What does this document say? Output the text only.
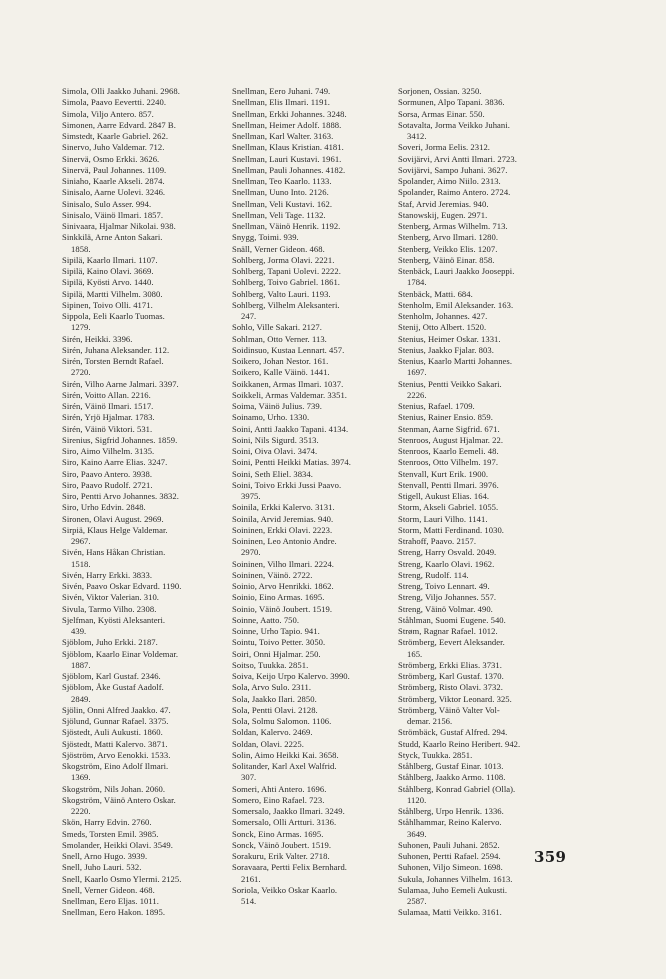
Simola, Olli Jaakko Juhani. 2968.
Simola, Paavo Eevertti. 2240.
Simola, Viljo Antero. 857.
Simonen, Aarre Edvard. 2847 B.
Simstedt, Kaarle Gabriel. 262.
Sinervo, Juho Valdemar. 712.
Sinervä, Osmo Erkki. 3626.
Sinervä, Paul Johannes. 1109.
Siniaho, Kaarle Akseli. 2874.
Sinisalo, Aarne Uolevi. 3246.
Sinisalo, Sulo Asser. 994.
Sinisalo, Väinö Ilmari. 1857.
Sinivaara, Hjalmar Nikolai. 938.
Sinkkilä, Arne Anton Sakari.
1858.
Sipilä, Kaarlo Ilmari. 1107.
Sipilä, Kaino Olavi. 3669.
Sipilä, Kyösti Arvo. 1440.
Sipilä, Martti Vilhelm. 3080.
Sipinen, Toivo Olli. 4171.
Sippola, Eeli Kaarlo Tuomas.
1279.
Sirén, Heikki. 3396.
Sirén, Juhana Aleksander. 112.
Sirén, Torsten Berndt Rafael.
2720.
Sirén, Vilho Aarne Jalmari. 3397.
Sirén, Voitto Allan. 2216.
Sirén, Väinö Ilmari. 1517.
Sirén, Yrjö Hjalmar. 1783.
Sirén, Väinö Viktori. 531.
Sirenius, Sigfrid Johannes. 1859.
Siro, Aimo Vilhelm. 3135.
Siro, Kaino Aarre Elias. 3247.
Siro, Paavo Antero. 3938.
Siro, Paavo Rudolf. 2721.
Siro, Pentti Arvo Johannes. 3832.
Siro, Urho Edvin. 2848.
Sironen, Olavi August. 2969.
Sirpiä, Klaus Helge Valdemar.
2967.
Sivén, Hans Håkan Christian.
1518.
Sivén, Harry Erkki. 3833.
Sivén, Paavo Oskar Edvard. 1190.
Sivén, Viktor Valerian. 310.
Sivula, Tarmo Vilho. 2308.
Sjelfman, Kyösti Aleksanteri.
439.
Sjöblom, Juho Erkki. 2187.
Sjöblom, Kaarlo Einar Voldemar.
1887.
Sjöblom, Karl Gustaf. 2346.
Sjöblom, Åke Gustaf Aadolf.
2849.
Sjölin, Onni Alfred Jaakko. 47.
Sjölund, Gunnar Rafael. 3375.
Sjöstedt, Auli Aukusti. 1860.
Sjöstedt, Matti Kalervo. 3871.
Sjöström, Arvo Eenokki. 1533.
Skogström, Eino Adolf Ilmari.
1369.
Skogström, Nils Johan. 2060.
Skogström, Väinö Antero Oskar.
2220.
Skön, Harry Edvin. 2760.
Smeds, Torsten Emil. 3985.
Smolander, Heikki Olavi. 3549.
Snell, Arno Hugo. 3939.
Snell, Juho Lauri. 532.
Snell, Kaarlo Osmo Ylermi. 2125.
Snell, Verner Gideon. 468.
Snellman, Eero Eljas. 1011.
Snellman, Eero Hakon. 1895.
Snellman, Eero Juhani. 749.
Snellman, Elis Ilmari. 1191.
Snellman, Erkki Johannes. 3248.
Snellman, Heimer Adolf. 1888.
Snellman, Karl Walter. 3163.
Snellman, Klaus Kristian. 4181.
Snellman, Lauri Kustavi. 1961.
Snellman, Pauli Johannes. 4182.
Snellman, Teo Kaarlo. 1133.
Snellman, Uuno Into. 2126.
Snellman, Veli Kustavi. 162.
Snellman, Veli Tage. 1132.
Snellman, Väinö Henrik. 1192.
Snygg, Toimi. 939.
Snäll, Verner Gideon. 468.
Sohlberg, Jorma Olavi. 2221.
Sohlberg, Tapani Uolevi. 2222.
Sohlberg, Toivo Gabriel. 1861.
Sohlberg, Valto Lauri. 1193.
Sohlberg, Vilhelm Aleksanteri.
247.
Sohlo, Ville Sakari. 2127.
Sohlman, Otto Verner. 113.
Soidinsuo, Kustaa Lennart. 457.
Soikero, Johan Nestor. 161.
Soikero, Kalle Väinö. 1441.
Soikkanen, Armas Ilmari. 1037.
Soikkeli, Armas Valdemar. 3351.
Soima, Väinö Julius. 739.
Soinamo, Urho. 1330.
Soini, Antti Jaakko Tapani. 4134.
Soini, Nils Sigurd. 3513.
Soini, Oiva Olavi. 3474.
Soini, Pentti Heikki Matias. 3974.
Soini, Seth Eliel. 3834.
Soini, Toivo Erkki Jussi Paavo.
3975.
Soinila, Erkki Kalervo. 3131.
Soinila, Arvid Jeremias. 940.
Soininen, Erkki Olavi. 2223.
Soininen, Leo Antonio Andre.
2970.
Soininen, Vilho Ilmari. 2224.
Soininen, Väinö. 2722.
Soinio, Arvo Henrikki. 1862.
Soinio, Eino Armas. 1695.
Soinio, Väinö Joubert. 1519.
Soinne, Aatto. 750.
Soinne, Urho Tapio. 941.
Sointu, Toivo Petter. 3050.
Soiri, Onni Hjalmar. 250.
Soitso, Tuukka. 2851.
Soiva, Keijo Urpo Kalervo. 3990.
Sola, Arvo Sulo. 2311.
Sola, Jaakko Ilari. 2850.
Sola, Pentti Olavi. 2128.
Sola, Solmu Salomon. 1106.
Soldan, Kalervo. 2469.
Soldan, Olavi. 2225.
Solin, Aimo Heikki Kai. 3658.
Solitander, Karl Axel Walfrid.
307.
Someri, Ahti Antero. 1696.
Somero, Eino Rafael. 723.
Somersalo, Jaakko Ilmari. 3249.
Somersalo, Olli Artturi. 3136.
Sonck, Eino Armas. 1695.
Sonck, Väinö Joubert. 1519.
Sorakuru, Erik Valter. 2718.
Soravaara, Pertti Felix Bernhard.
2161.
Soriola, Veikko Oskar Kaarlo.
514.
Sorjonen, Ossian. 3250.
Sormunen, Alpo Tapani. 3836.
Sorsa, Armas Einar. 550.
Sotavalta, Jorma Veikko Juhani.
3412.
Soveri, Jorma Eelis. 2312.
Sovijärvi, Arvi Antti Ilmari. 2723.
Sovijärvi, Sampo Juhani. 3627.
Spolander, Aimo Niilo. 2313.
Spolander, Raimo Antero. 2724.
Staf, Arvid Jeremias. 940.
Stanowskij, Eugen. 2971.
Stenberg, Armas Wilhelm. 713.
Stenberg, Arvo Ilmari. 1280.
Stenberg, Veikko Elis. 1207.
Stenberg, Väinö Einar. 858.
Stenbäck, Lauri Jaakko Jooseppi.
1784.
Stenbäck, Matti. 684.
Stenholm, Emil Aleksander. 163.
Stenholm, Johannes. 427.
Stenij, Otto Albert. 1520.
Stenius, Heimer Oskar. 1331.
Stenius, Jaakko Fjalar. 803.
Stenius, Kaarlo Martti Johannes.
1697.
Stenius, Pentti Veikko Sakari.
2226.
Stenius, Rafael. 1709.
Stenius, Rainer Ensio. 859.
Stenman, Aarne Sigfrid. 671.
Stenroos, August Hjalmar. 22.
Stenroos, Kaarlo Eemeli. 48.
Stenroos, Otto Vilhelm. 197.
Stenvall, Kurt Erik. 1900.
Stenvall, Pentti Ilmari. 3976.
Stigell, Aukust Elias. 164.
Storm, Akseli Gabriel. 1055.
Storm, Lauri Vilho. 1141.
Storm, Matti Ferdinand. 1030.
Strahoff, Paavo. 2157.
Streng, Harry Osvald. 2049.
Streng, Kaarlo Olavi. 1962.
Streng, Rudolf. 114.
Streng, Toivo Lennart. 49.
Streng, Viljo Johannes. 557.
Streng, Väinö Volmar. 490.
Ståhlman, Suomi Eugene. 540.
Strøm, Ragnar Rafael. 1012.
Strömberg, Eevert Aleksander.
165.
Strömberg, Erkki Elias. 3731.
Strömberg, Karl Gustaf. 1370.
Strömberg, Risto Olavi. 3732.
Strömberg, Viktor Leonard. 325.
Strömberg, Väinö Valter Vol-
demar. 2156.
Strömbäck, Gustaf Alfred. 294.
Studd, Kaarlo Reino Heribert. 942.
Styck, Tuukka. 2851.
Ståhlberg, Gustaf Einar. 1013.
Ståhlberg, Jaakko Armo. 1108.
Ståhlberg, Konrad Gabriel (Olla).
1120.
Ståhlberg, Urpo Henrik. 1336.
Ståhlhammar, Reino Kalervo.
3649.
Suhonen, Pauli Juhani. 2852.
Suhonen, Pertti Rafael. 2594.
Suhonen, Viljo Simeon. 1698.
Sukula, Johannes Vilhelm. 1613.
Sulamaa, Juho Eemeli Aukusti.
2587.
Sulamaa, Matti Veikko. 3161.
359
